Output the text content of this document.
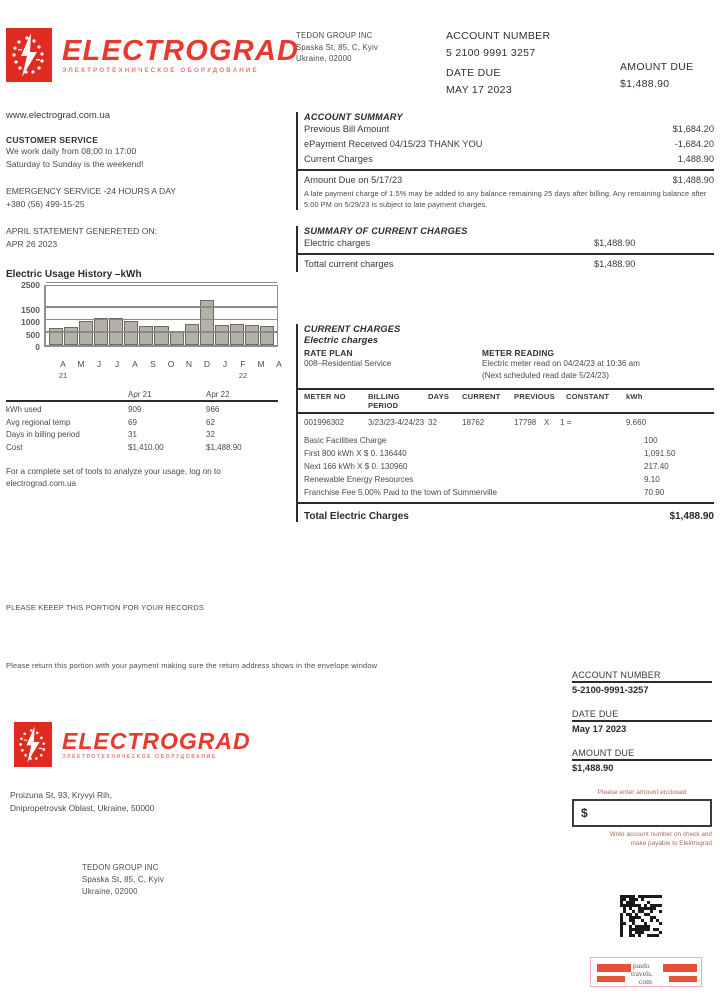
ELECTROGRAD
ЭЛЕКТРОТЕХНИЧЕСКОЕ ОБОРУДОВАНИЕ
www.electrograd.com.ua
CUSTOMER SERVICE
We work daily from 08:00 to 17:00
Saturday to Sunday is the weekend!
EMERGENCY SERVICE -24 HOURS A DAY
+380 (56) 499-15-25
APRIL STATEMENT GENERETED ON:
APR 26 2023
Electric Usage History –kWh
0
500
1000
1500
2500
A M J J A S O N D J F M A
21	22
Apr 21	Apr 22
kWh used	909	966
Avg regional temp	69	62
Days in billing period	31	32
Cost	$1,410.00	$1,488.90
For a complete set of tools to analyze your usage, log on to electrograd.com.ua
PLEASE KEEEP THIS PORTION FOR YOUR RECORDS
Please return this portion with your payment making sure the return address shows in the envelope window
TEDON GROUP INC
Spaska St, 85, C, Kyiv
Ukraine, 02000
ACCOUNT NUMBER
5 2100 9991 3257
DATE DUE
MAY 17 2023
AMOUNT DUE
$1,488.90
ACCOUNT SUMMARY
Previous Bill Amount	$1,684.20
ePayment Received 04/15/23 THANK YOU	-1,684.20
Current Charges	1,488.90
Amount Due on 5/17/23	$1,488.90
A late payment charge of 1.5% may be added to any balance remaining 25 days after billing. Any remaining balance after 5:00 PM on 5/29/23 is subject to late payment charges.
SUMMARY OF CURRENT CHARGES
Electric charges	$1,488.90
Tottal current charges	$1,488.90
CURRENT CHARGES
Electric charges
RATE PLAN
008–Residential Service
METER READING
Electric meter read on 04/24/23 at 10:36 am
(Next scheduled read date 5/24/23)
METER NO	BILLING PERIOD	DAYS	CURRENT	PREVIOUS	CONSTANT	kWh
001996302	3/23/23-4/24/23	32	18762	17798	X	1 =	9.660
Basic Facilities Charge	100
First 800 kWh X $ 0. 136440	1,091.50
Next 166 kWh X $ 0. 130960	217.40
Renewable Energy Resources	9.10
Franchise Fee 5.00% Paid to the town of Summerville	70.90
Total Electric Charges	$1,488.90
ELECTROGRAD
ЭЛЕКТРОТЕХНИЧЕСКОЕ ОБОРУДОВАНИЕ
Proizuna St, 93, Kryvyi Rih,
Dnipropetrovsk Oblast, Ukraine, 50000
TEDON GROUP INC
Spaska St, 85, C, Kyiv
Ukraine, 02000
ACCOUNT NUMBER
5-2100-9991-3257
DATE DUE
May 17 2023
AMOUNT DUE
$1,488.90
Please enter amount enclosed
$
Write account number on check and
make payable to Elektrograd
paulo
travels.
com
